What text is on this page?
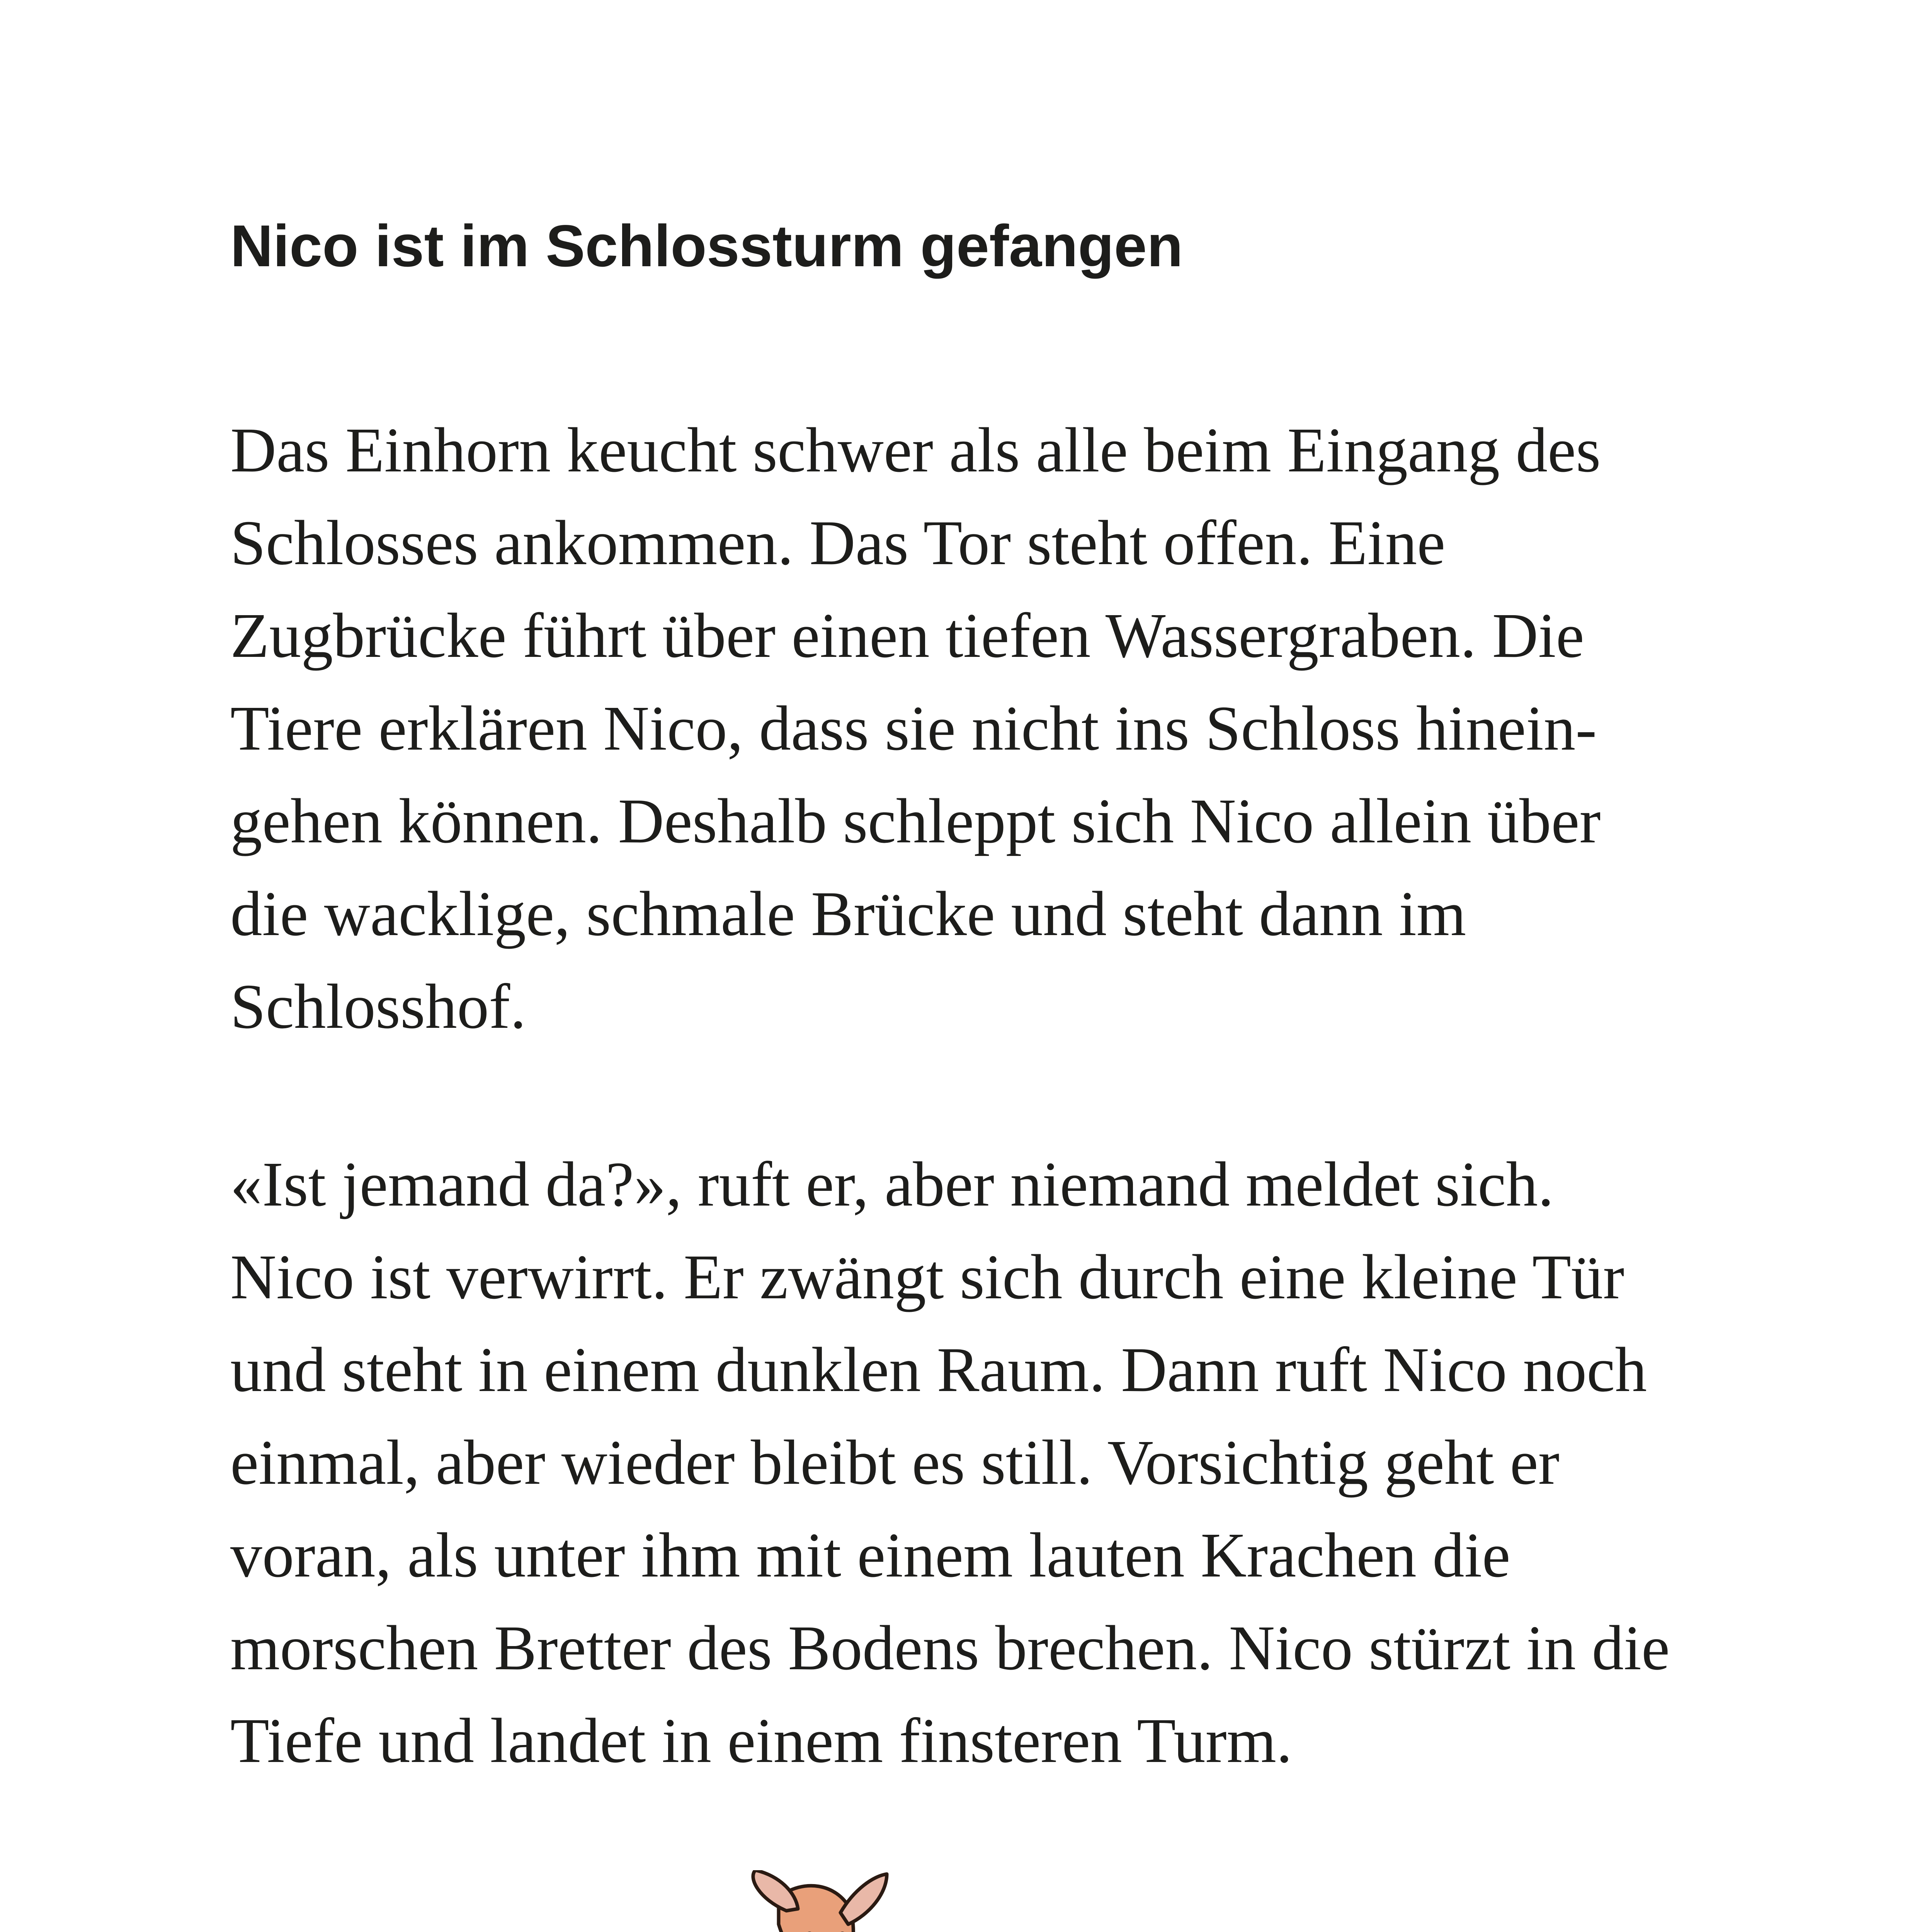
Nico ist im Schlossturm gefangen

Das Einhorn keucht schwer als alle beim Eingang des
Schlosses ankommen. Das Tor steht offen. Eine
Zugbrücke führt über einen tiefen Wassergraben. Die
Tiere erklären Nico, dass sie nicht ins Schloss hinein-
gehen können. Deshalb schleppt sich Nico allein über
die wacklige, schmale Brücke und steht dann im
Schlosshof.

«Ist jemand da?», ruft er, aber niemand meldet sich.
Nico ist verwirrt. Er zwängt sich durch eine kleine Tür
und steht in einem dunklen Raum. Dann ruft Nico noch
einmal, aber wieder bleibt es still. Vorsichtig geht er
voran, als unter ihm mit einem lauten Krachen die
morschen Bretter des Bodens brechen. Nico stürzt in die
Tiefe und landet in einem finsteren Turm.
